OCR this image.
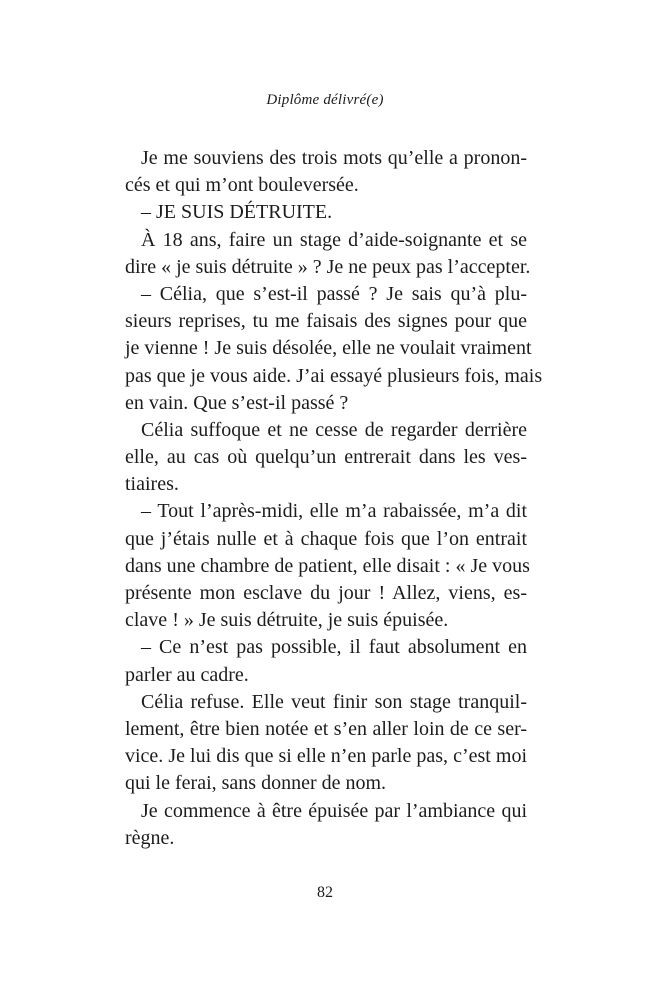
Diplôme délivré(e)
Je me souviens des trois mots qu’elle a pronon-
cés et qui m’ont bouleversée.
– JE SUIS DÉTRUITE.
À 18 ans, faire un stage d’aide-soignante et se
dire « je suis détruite » ? Je ne peux pas l’accepter.
– Célia, que s’est-il passé ? Je sais qu’à plu-
sieurs reprises, tu me faisais des signes pour que
je vienne ! Je suis désolée, elle ne voulait vraiment
pas que je vous aide. J’ai essayé plusieurs fois, mais
en vain. Que s’est-il passé ?
Célia suffoque et ne cesse de regarder derrière
elle, au cas où quelqu’un entrerait dans les ves-
tiaires.
– Tout l’après-midi, elle m’a rabaissée, m’a dit
que j’étais nulle et à chaque fois que l’on entrait
dans une chambre de patient, elle disait : « Je vous
présente mon esclave du jour ! Allez, viens, es-
clave ! » Je suis détruite, je suis épuisée.
– Ce n’est pas possible, il faut absolument en
parler au cadre.
Célia refuse. Elle veut finir son stage tranquil-
lement, être bien notée et s’en aller loin de ce ser-
vice. Je lui dis que si elle n’en parle pas, c’est moi
qui le ferai, sans donner de nom.
Je commence à être épuisée par l’ambiance qui
règne.
82
